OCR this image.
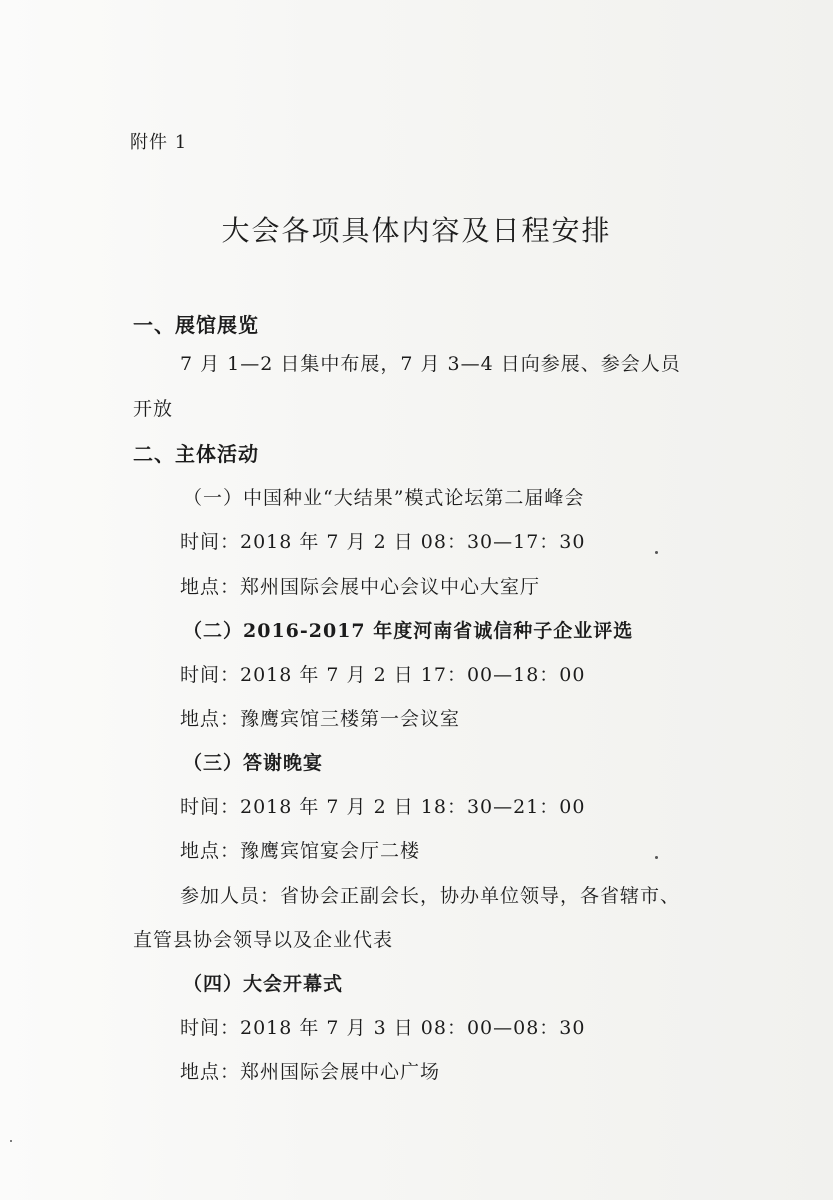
附件 1
大会各项具体内容及日程安排
一、展馆展览
7 月 1—2 日集中布展，7 月 3—4 日向参展、参会人员
开放
二、主体活动
（一）中国种业“大结果”模式论坛第二届峰会
时间：2018 年 7 月 2 日 08：30—17：30
地点：郑州国际会展中心会议中心大室厅
（二）2016-2017 年度河南省诚信种子企业评选
时间：2018 年 7 月 2 日 17：00—18：00
地点：豫鹰宾馆三楼第一会议室
（三）答谢晚宴
时间：2018 年 7 月 2 日 18：30—21：00
地点：豫鹰宾馆宴会厅二楼
参加人员：省协会正副会长，协办单位领导，各省辖市、
直管县协会领导以及企业代表
（四）大会开幕式
时间：2018 年 7 月 3 日 08：00—08：30
地点：郑州国际会展中心广场
